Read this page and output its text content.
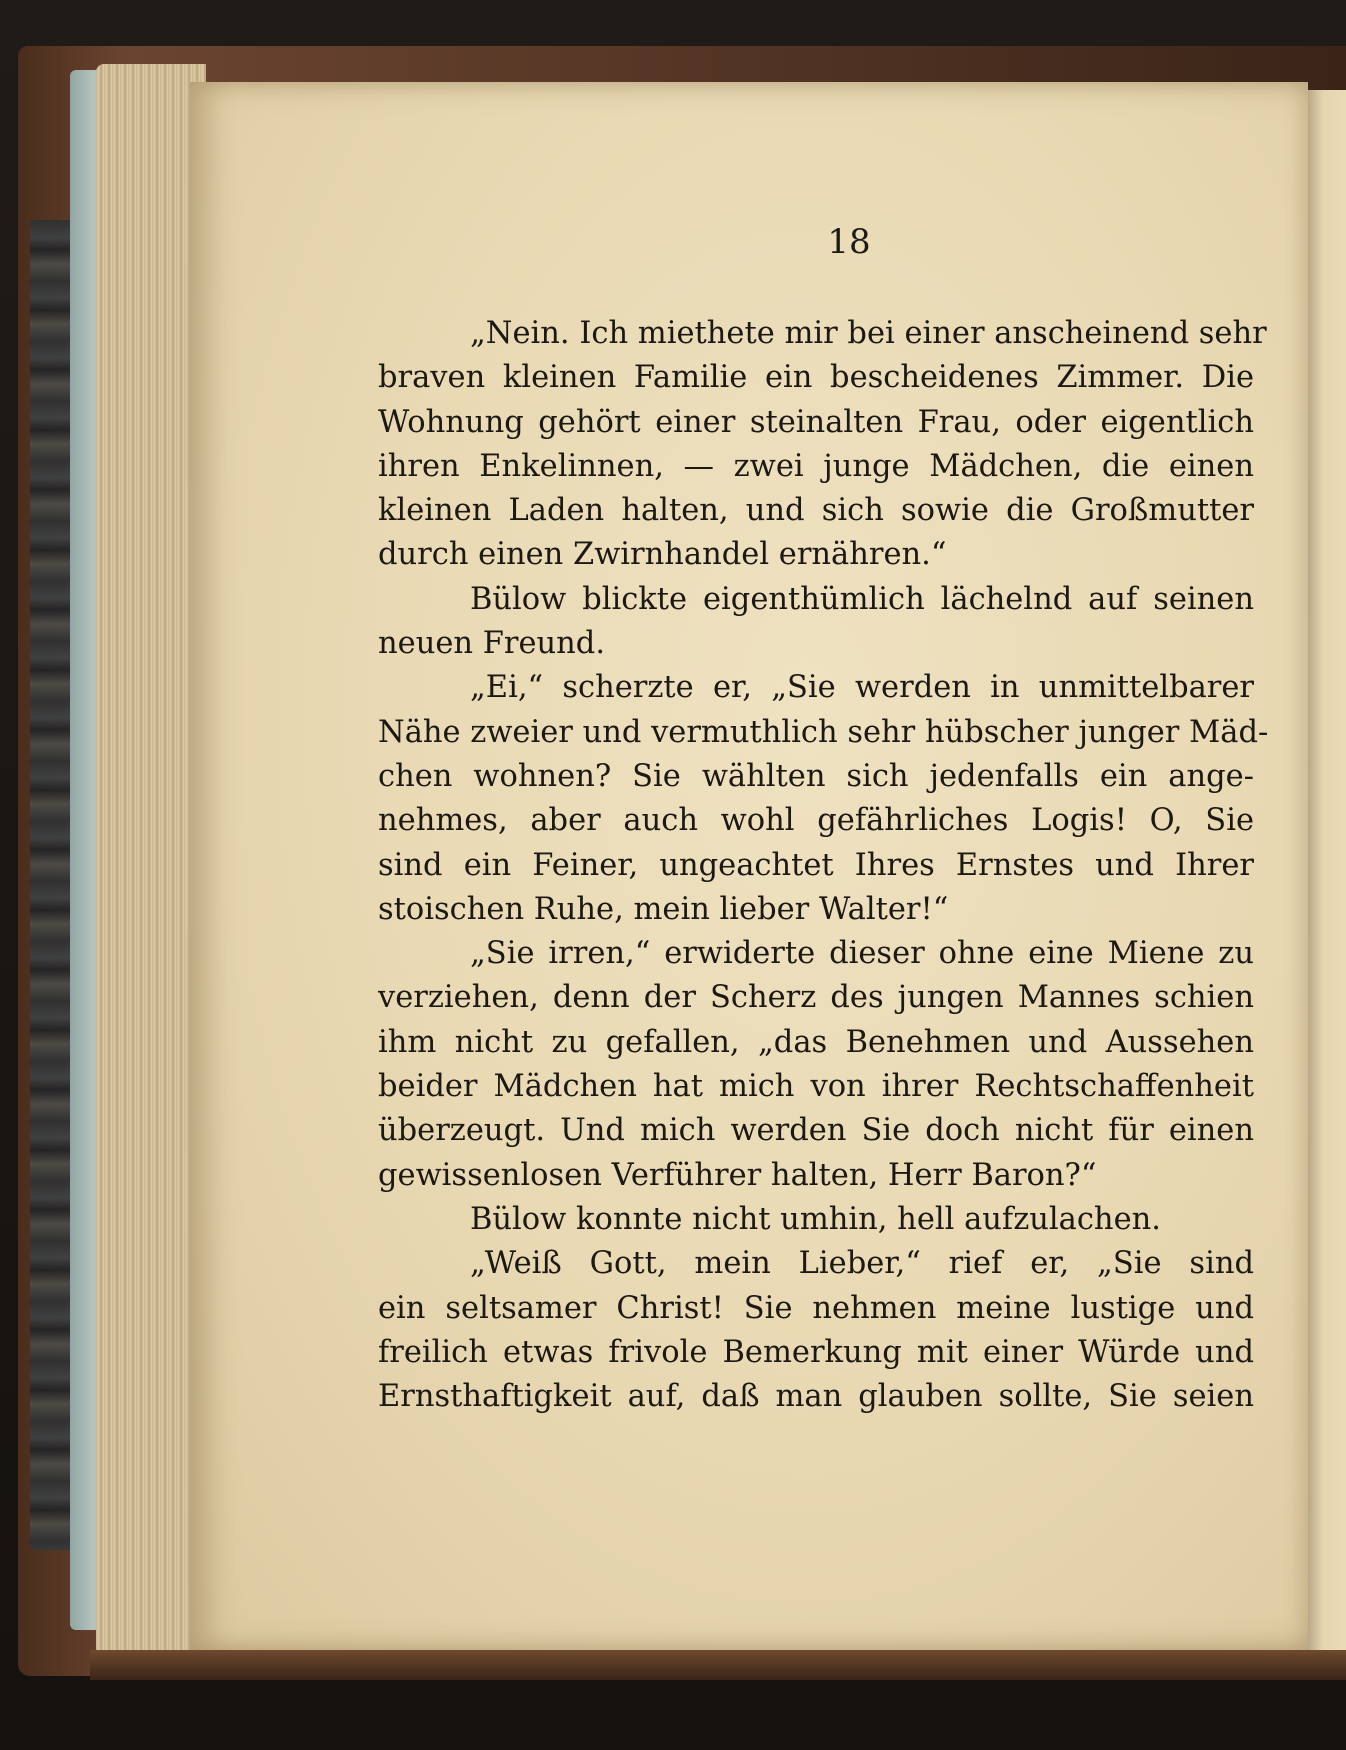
18
„Nein. Ich miethete mir bei einer anscheinend sehr
braven kleinen Familie ein bescheidenes Zimmer. Die
Wohnung gehört einer steinalten Frau, oder eigentlich
ihren Enkelinnen, — zwei junge Mädchen, die einen
kleinen Laden halten, und sich sowie die Großmutter
durch einen Zwirnhandel ernähren.“
Bülow blickte eigenthümlich lächelnd auf seinen
neuen Freund.
„Ei,“ scherzte er, „Sie werden in unmittelbarer
Nähe zweier und vermuthlich sehr hübscher junger Mäd-
chen wohnen? Sie wählten sich jedenfalls ein ange-
nehmes, aber auch wohl gefährliches Logis! O, Sie
sind ein Feiner, ungeachtet Ihres Ernstes und Ihrer
stoischen Ruhe, mein lieber Walter!“
„Sie irren,“ erwiderte dieser ohne eine Miene zu
verziehen, denn der Scherz des jungen Mannes schien
ihm nicht zu gefallen, „das Benehmen und Aussehen
beider Mädchen hat mich von ihrer Rechtschaffenheit
überzeugt. Und mich werden Sie doch nicht für einen
gewissenlosen Verführer halten, Herr Baron?“
Bülow konnte nicht umhin, hell aufzulachen.
„Weiß Gott, mein Lieber,“ rief er, „Sie sind
ein seltsamer Christ! Sie nehmen meine lustige und
freilich etwas frivole Bemerkung mit einer Würde und
Ernsthaftigkeit auf, daß man glauben sollte, Sie seien
